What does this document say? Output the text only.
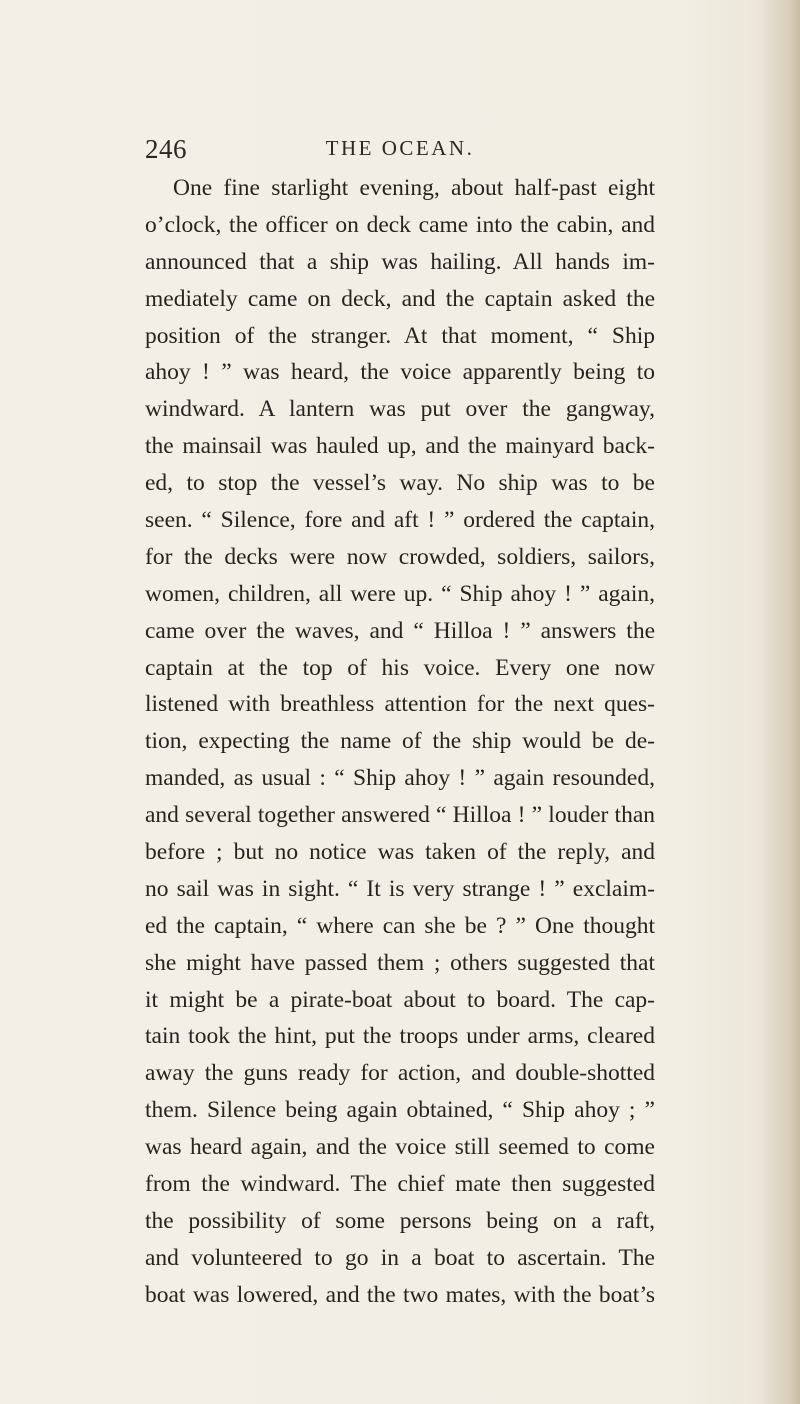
246	THE OCEAN.
One fine starlight evening, about half-past eight
o’clock, the officer on deck came into the cabin, and
announced that a ship was hailing. All hands im-
mediately came on deck, and the captain asked the
position of the stranger. At that moment, “ Ship
ahoy ! ” was heard, the voice apparently being to
windward. A lantern was put over the gangway,
the mainsail was hauled up, and the mainyard back-
ed, to stop the vessel’s way. No ship was to be
seen. “ Silence, fore and aft ! ” ordered the captain,
for the decks were now crowded, soldiers, sailors,
women, children, all were up. “ Ship ahoy ! ” again,
came over the waves, and “ Hilloa ! ” answers the
captain at the top of his voice. Every one now
listened with breathless attention for the next ques-
tion, expecting the name of the ship would be de-
manded, as usual : “ Ship ahoy ! ” again resounded,
and several together answered “ Hilloa ! ” louder than
before ; but no notice was taken of the reply, and
no sail was in sight. “ It is very strange ! ” exclaim-
ed the captain, “ where can she be ? ” One thought
she might have passed them ; others suggested that
it might be a pirate-boat about to board. The cap-
tain took the hint, put the troops under arms, cleared
away the guns ready for action, and double-shotted
them. Silence being again obtained, “ Ship ahoy ; ”
was heard again, and the voice still seemed to come
from the windward. The chief mate then suggested
the possibility of some persons being on a raft,
and volunteered to go in a boat to ascertain. The
boat was lowered, and the two mates, with the boat’s
